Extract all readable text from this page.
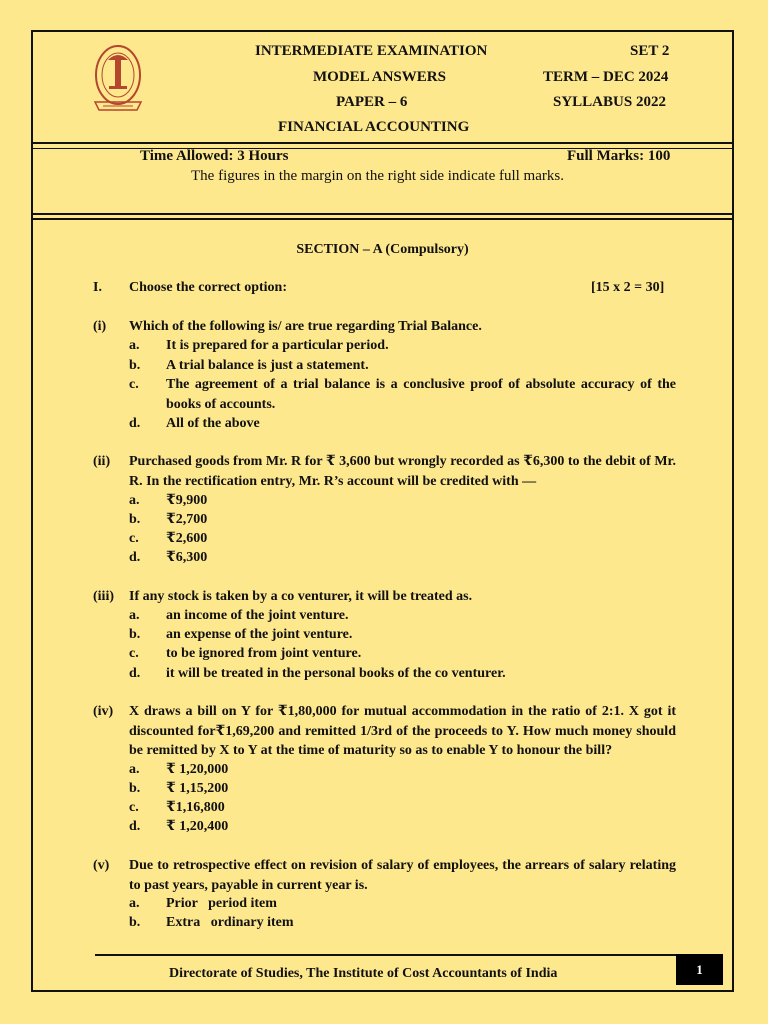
INTERMEDIATE EXAMINATION	SET 2
MODEL ANSWERS	TERM – DEC 2024
PAPER – 6	SYLLABUS 2022
FINANCIAL ACCOUNTING
Time Allowed: 3 Hours	Full Marks: 100
The figures in the margin on the right side indicate full marks.
SECTION – A (Compulsory)
I. Choose the correct option:	[15 x 2 = 30]
(i) Which of the following is/ are true regarding Trial Balance.
a. It is prepared for a particular period.
b. A trial balance is just a statement.
c. The agreement of a trial balance is a conclusive proof of absolute accuracy of the books of accounts.
d. All of the above
(ii) Purchased goods from Mr. R for ₹ 3,600 but wrongly recorded as ₹6,300 to the debit of Mr. R. In the rectification entry, Mr. R’s account will be credited with —
a. ₹9,900
b. ₹2,700
c. ₹2,600
d. ₹6,300
(iii) If any stock is taken by a co venturer, it will be treated as.
a. an income of the joint venture.
b. an expense of the joint venture.
c. to be ignored from joint venture.
d. it will be treated in the personal books of the co venturer.
(iv) X draws a bill on Y for ₹1,80,000 for mutual accommodation in the ratio of 2:1. X got it discounted for₹1,69,200 and remitted 1/3rd of the proceeds to Y. How much money should be remitted by X to Y at the time of maturity so as to enable Y to honour the bill?
a. ₹ 1,20,000
b. ₹ 1,15,200
c. ₹1,16,800
d. ₹ 1,20,400
(v) Due to retrospective effect on revision of salary of employees, the arrears of salary relating to past years, payable in current year is.
a. Prior   period item
b. Extra   ordinary item
Directorate of Studies, The Institute of Cost Accountants of India	1
